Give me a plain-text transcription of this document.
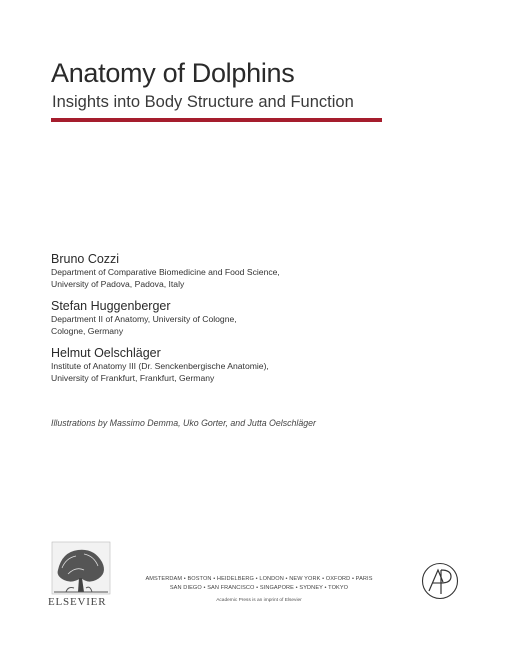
Anatomy of Dolphins
Insights into Body Structure and Function
Bruno Cozzi
Department of Comparative Biomedicine and Food Science,
University of Padova, Padova, Italy
Stefan Huggenberger
Department II of Anatomy, University of Cologne,
Cologne, Germany
Helmut Oelschläger
Institute of Anatomy III (Dr. Senckenbergische Anatomie),
University of Frankfurt, Frankfurt, Germany
Illustrations by Massimo Demma, Uko Gorter, and Jutta Oelschläger
ELSEVIER
AMSTERDAM • BOSTON • HEIDELBERG • LONDON • NEW YORK • OXFORD • PARIS
SAN DIEGO • SAN FRANCISCO • SINGAPORE • SYDNEY • TOKYO
Academic Press is an imprint of Elsevier
